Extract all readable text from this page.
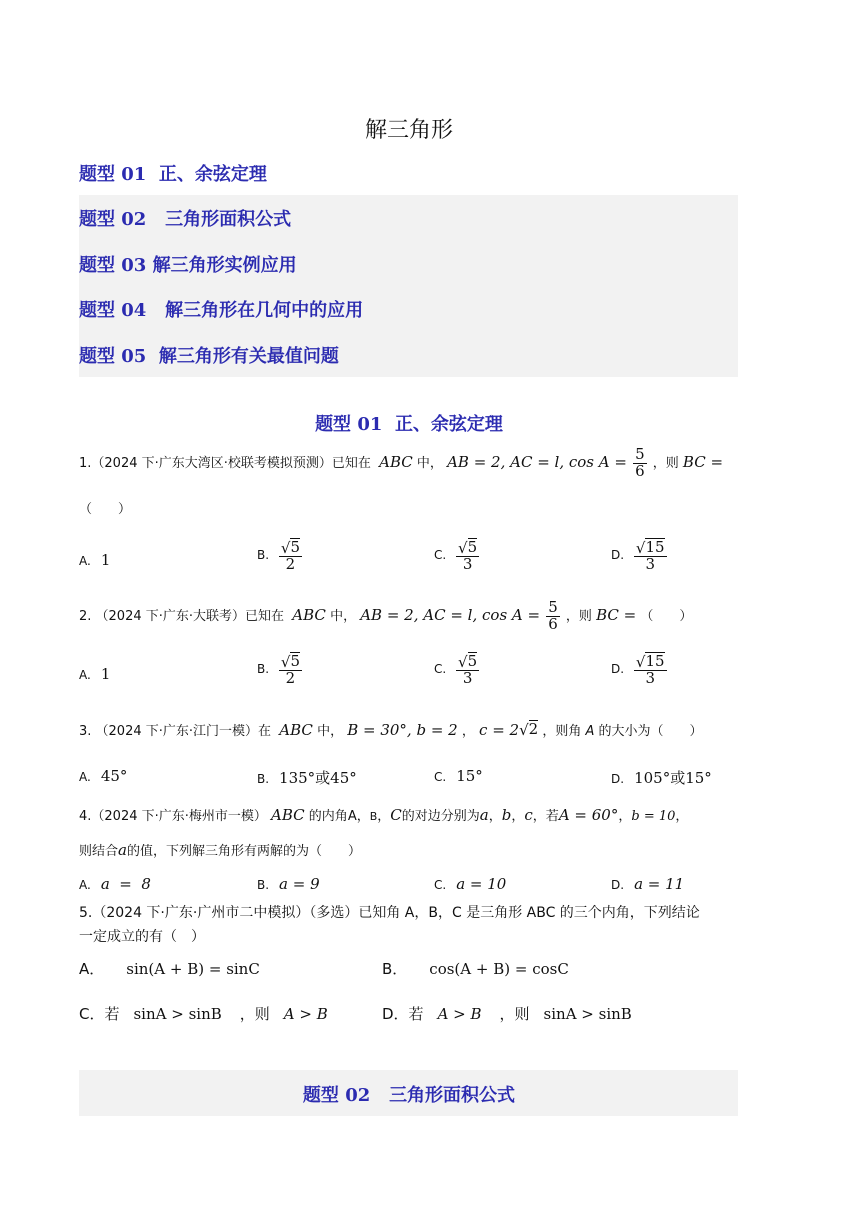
解三角形
题型 01 正、余弦定理
题型 02 三角形面积公式
题型 03 解三角形实例应用
题型 04 解三角形在几何中的应用
题型 05 解三角形有关最值问题
题型 01 正、余弦定理
1.（2024 下·广东大湾区·校联考模拟预测）已知在 ABC 中， AB = 2, AC = l, $\cos A = \frac{5}{6}$ ，则 BC =
（　　）
A. 1	B. $\frac{√ 5}{2}$	C. $\frac{√ 5}{3}$	D. $\frac{√ 15}{3}$
2. （2024 下·广东·大联考）已知在 ABC 中， AB = 2, AC = l, $\cos A = \frac{5}{6}$ ，则 BC = （　　）
A. 1	B. $\frac{√ 5}{2}$	C. $\frac{√ 5}{3}$	D. $\frac{√ 15}{3}$
3. （2024 下·广东·江门一模）在 ABC 中， B = 30°, b = 2 ， c = 2 √ 2 ，则角 A 的大小为（　　）
A. 45°	B. 135°或45°	C. 15°	D. 105°或15°
4.（2024 下·广东·梅州市一模） ABC 的内角A，B，C的对边分别为a，b，c，若A = 60°，b = 10，
则结合a的值，下列解三角形有两解的为（　　）
A. a  =  8	B. a = 9	C. a = 10	D. a = 11
5.（2024 下·广东·广州市二中模拟）（多选）已知角 A，B，C 是三角形 ABC 的三个内角，下列结论
一定成立的有（　）
A． sin(A + B) = sinC	B． cos(A + B) = cosC
C．若 sinA > sinB ，则 A > B	D．若 A > B ，则 sinA > sinB
题型 02 三角形面积公式
